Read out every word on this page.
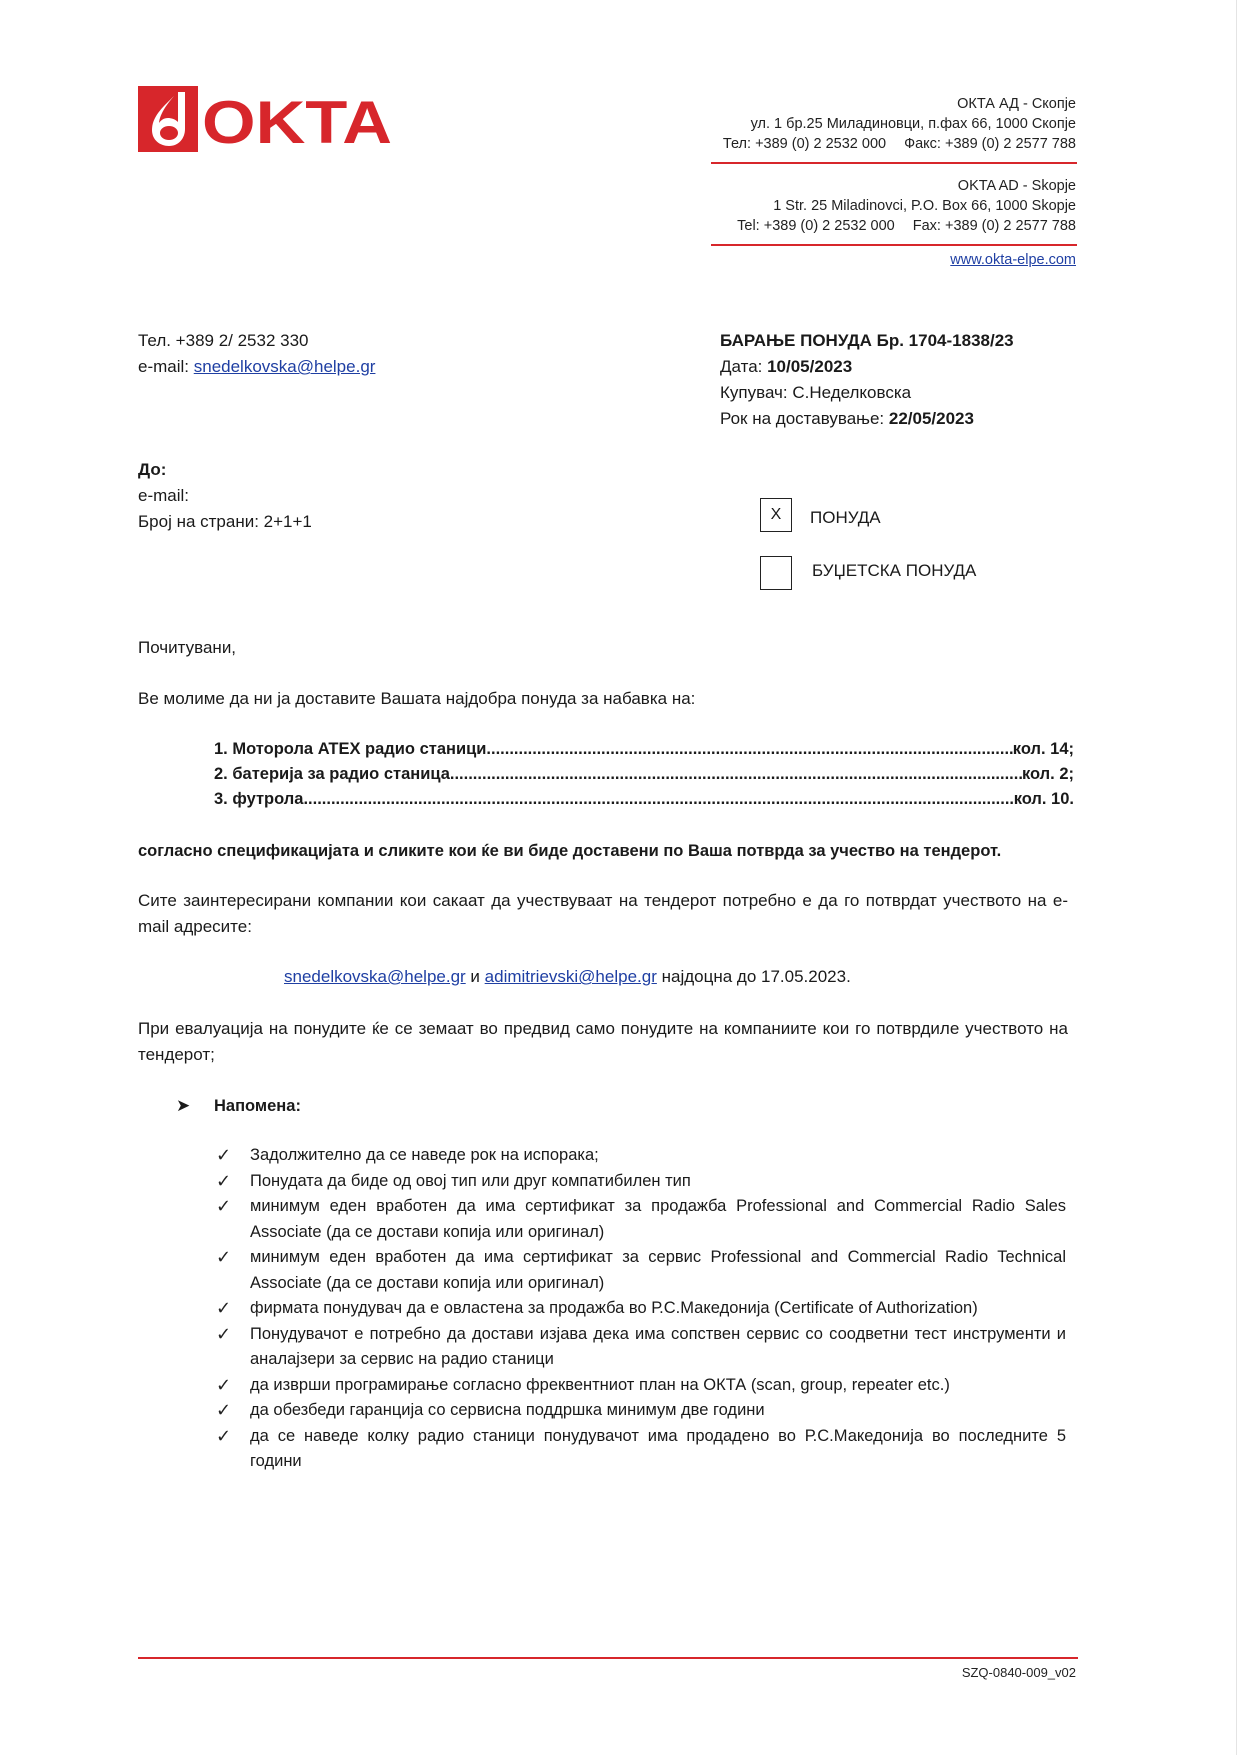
OKTA	ОКТА АД - Скопје
ул. 1 бр.25 Миладиновци, п.фах 66, 1000 Скопје
Тел: +389 (0) 2 2532 000 Факс: +389 (0) 2 2577 788
OKTA AD - Skopje
1 Str. 25 Miladinovci, P.O. Box 66, 1000 Skopje
Tel: +389 (0) 2 2532 000 Fax: +389 (0) 2 2577 788
www.okta-elpe.com
Тел. +389 2/ 2532 330
e-mail: snedelkovska@helpe.gr
БАРАЊЕ ПОНУДА Бр. 1704-1838/23
Дата: 10/05/2023
Купувач: С.Неделковска
Рок на доставување: 22/05/2023
До:
e-mail:
Број на страни: 2+1+1	X	ПОНУДА
БУЏЕТСКА ПОНУДА
Почитувани,
Ве молиме да ни ја доставите Вашата најдобра понуда за набавка на:
1. Моторола ATEX радио станици .....	кол. 14;
2. батерија за радио станица .....	кол. 2;
3. футрола .....	кол. 10.
согласно спецификацијата и сликите кои ќе ви биде доставени по Ваша потврда за учество на тендерот.
Сите заинтересирани компании кои сакаат да учествуваат на тендерот потребно е да го потврдат учеството на e-mail адресите:
snedelkovska@helpe.gr и adimitrievski@helpe.gr најдоцна до 17.05.2023.
При евалуација на понудите ќе се земаат во предвид само понудите на компаниите кои го потврдиле учеството на тендерот;
➤ Напомена:
✓ Задолжително да се наведе рок на испорака;
✓ Понудата да биде од овој тип или друг компатибилен тип
✓ минимум еден вработен да има сертификат за продажба Professional and Commercial Radio Sales Associate (да се достави копија или оригинал)
✓ минимум еден вработен да има сертификат за сервис Professional and Commercial Radio Technical Associate (да се достави копија или оригинал)
✓ фирмата понудувач да е овластена за продажба во Р.С.Македонија (Certificate of Authorization)
✓ Понудувачот е потребно да достави изјава дека има сопствен сервис со соодветни тест инструменти и аналајзери за сервис на радио станици
✓ да изврши програмирање согласно фреквентниот план на ОКТА (scan, group, repeater etc.)
✓ да обезбеди гаранција со сервисна поддршка минимум две години
✓ да се наведе колку радио станици понудувачот има продадено во Р.С.Македонија во последните 5 години
SZQ-0840-009_v02
